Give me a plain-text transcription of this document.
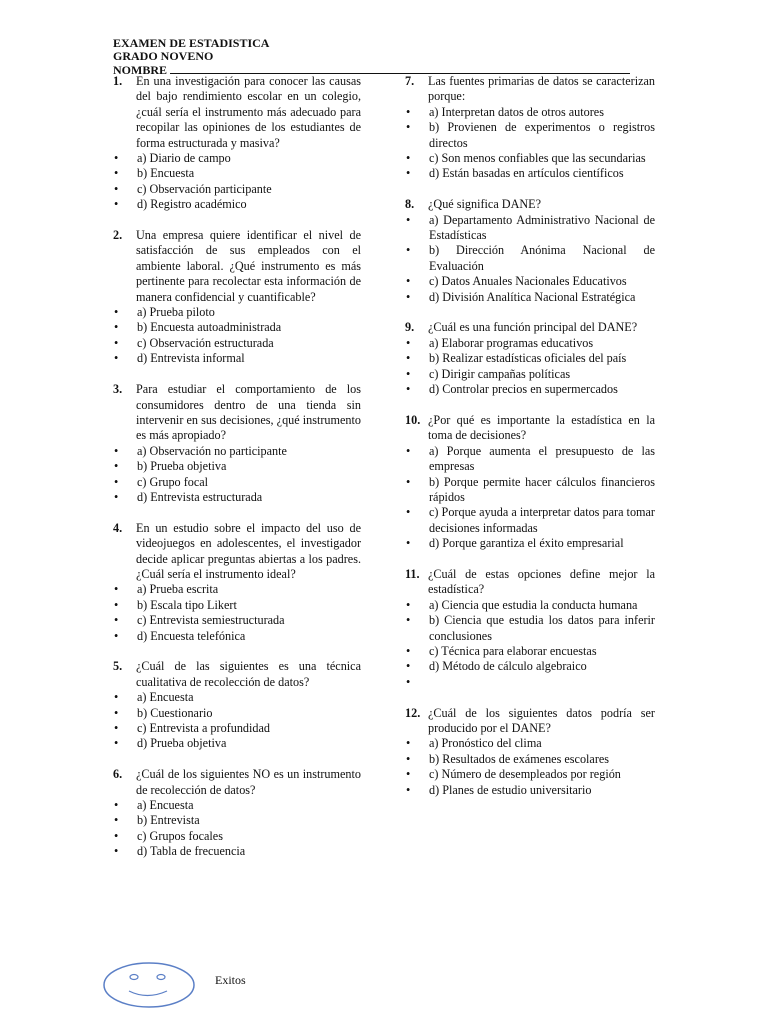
EXAMEN DE ESTADISTICA
GRADO NOVENO
NOMBRE
1.	En una investigación para conocer las causas del bajo rendimiento escolar en un colegio, ¿cuál sería el instrumento más adecuado para recopilar las opiniones de los estudiantes de forma estructurada y masiva?
•	a) Diario de campo
•	b) Encuesta
•	c) Observación participante
•	d) Registro académico
2.	Una empresa quiere identificar el nivel de satisfacción de sus empleados con el ambiente laboral. ¿Qué instrumento es más pertinente para recolectar esta información de manera confidencial y cuantificable?
•	a) Prueba piloto
•	b) Encuesta autoadministrada
•	c) Observación estructurada
•	d) Entrevista informal
3.	Para estudiar el comportamiento de los consumidores dentro de una tienda sin intervenir en sus decisiones, ¿qué instrumento es más apropiado?
•	a) Observación no participante
•	b) Prueba objetiva
•	c) Grupo focal
•	d) Entrevista estructurada
4.	En un estudio sobre el impacto del uso de videojuegos en adolescentes, el investigador decide aplicar preguntas abiertas a los padres. ¿Cuál sería el instrumento ideal?
•	a) Prueba escrita
•	b) Escala tipo Likert
•	c) Entrevista semiestructurada
•	d) Encuesta telefónica
5.	¿Cuál de las siguientes es una técnica cualitativa de recolección de datos?
•	a) Encuesta
•	b) Cuestionario
•	c) Entrevista a profundidad
•	d) Prueba objetiva
6.	¿Cuál de los siguientes NO es un instrumento de recolección de datos?
•	a) Encuesta
•	b) Entrevista
•	c) Grupos focales
•	d) Tabla de frecuencia
7.	Las fuentes primarias de datos se caracterizan porque:
•	a) Interpretan datos de otros autores
•	b) Provienen de experimentos o registros directos
•	c) Son menos confiables que las secundarias
•	d) Están basadas en artículos científicos
8.	¿Qué significa DANE?
•	a) Departamento Administrativo Nacional de Estadísticas
•	b) Dirección Anónima Nacional de Evaluación
•	c) Datos Anuales Nacionales Educativos
•	d) División Analítica Nacional Estratégica
9.	¿Cuál es una función principal del DANE?
•	a) Elaborar programas educativos
•	b) Realizar estadísticas oficiales del país
•	c) Dirigir campañas políticas
•	d) Controlar precios en supermercados
10. ¿Por qué es importante la estadística en la toma de decisiones?
•	a) Porque aumenta el presupuesto de las empresas
•	b) Porque permite hacer cálculos financieros rápidos
•	c) Porque ayuda a interpretar datos para tomar decisiones informadas
•	d) Porque garantiza el éxito empresarial
11. ¿Cuál de estas opciones define mejor la estadística?
•	a) Ciencia que estudia la conducta humana
•	b) Ciencia que estudia los datos para inferir conclusiones
•	c) Técnica para elaborar encuestas
•	d) Método de cálculo algebraico
•
12. ¿Cuál de los siguientes datos podría ser producido por el DANE?
•	a) Pronóstico del clima
•	b) Resultados de exámenes escolares
•	c) Número de desempleados por región
•	d) Planes de estudio universitario
Exitos
